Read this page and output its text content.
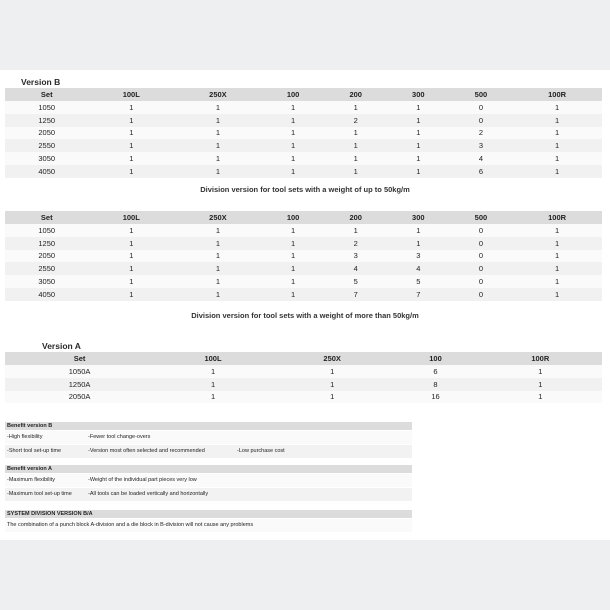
Version B
Set	100L	250X	100	200	300	500	100R
1050	1	1	1	1	1	0	1
1250	1	1	1	2	1	0	1
2050	1	1	1	1	1	2	1
2550	1	1	1	1	1	3	1
3050	1	1	1	1	1	4	1
4050	1	1	1	1	1	6	1
Division version for tool sets with a weight of up to 50kg/m
Set	100L	250X	100	200	300	500	100R
1050	1	1	1	1	1	0	1
1250	1	1	1	2	1	0	1
2050	1	1	1	3	3	0	1
2550	1	1	1	4	4	0	1
3050	1	1	1	5	5	0	1
4050	1	1	1	7	7	0	1
Division version for tool sets with a weight of more than 50kg/m
Version A
Set	100L	250X	100	100R
1050A	1	1	6	1
1250A	1	1	8	1
2050A	1	1	16	1
Benefit version B
-High flexibility	-Fewer tool change-overs
-Short tool set-up time	-Version most often selected and recommended	-Low purchase cost
Benefit version A
-Maximum flexibility	-Weight of the individual part pieces very low
-Maximum tool set-up time	-All tools can be loaded vertically and horizontally
SYSTEM DIVISION VERSION B/A
The combination of a punch block A-division and a die block in B-division will not cause any problems
